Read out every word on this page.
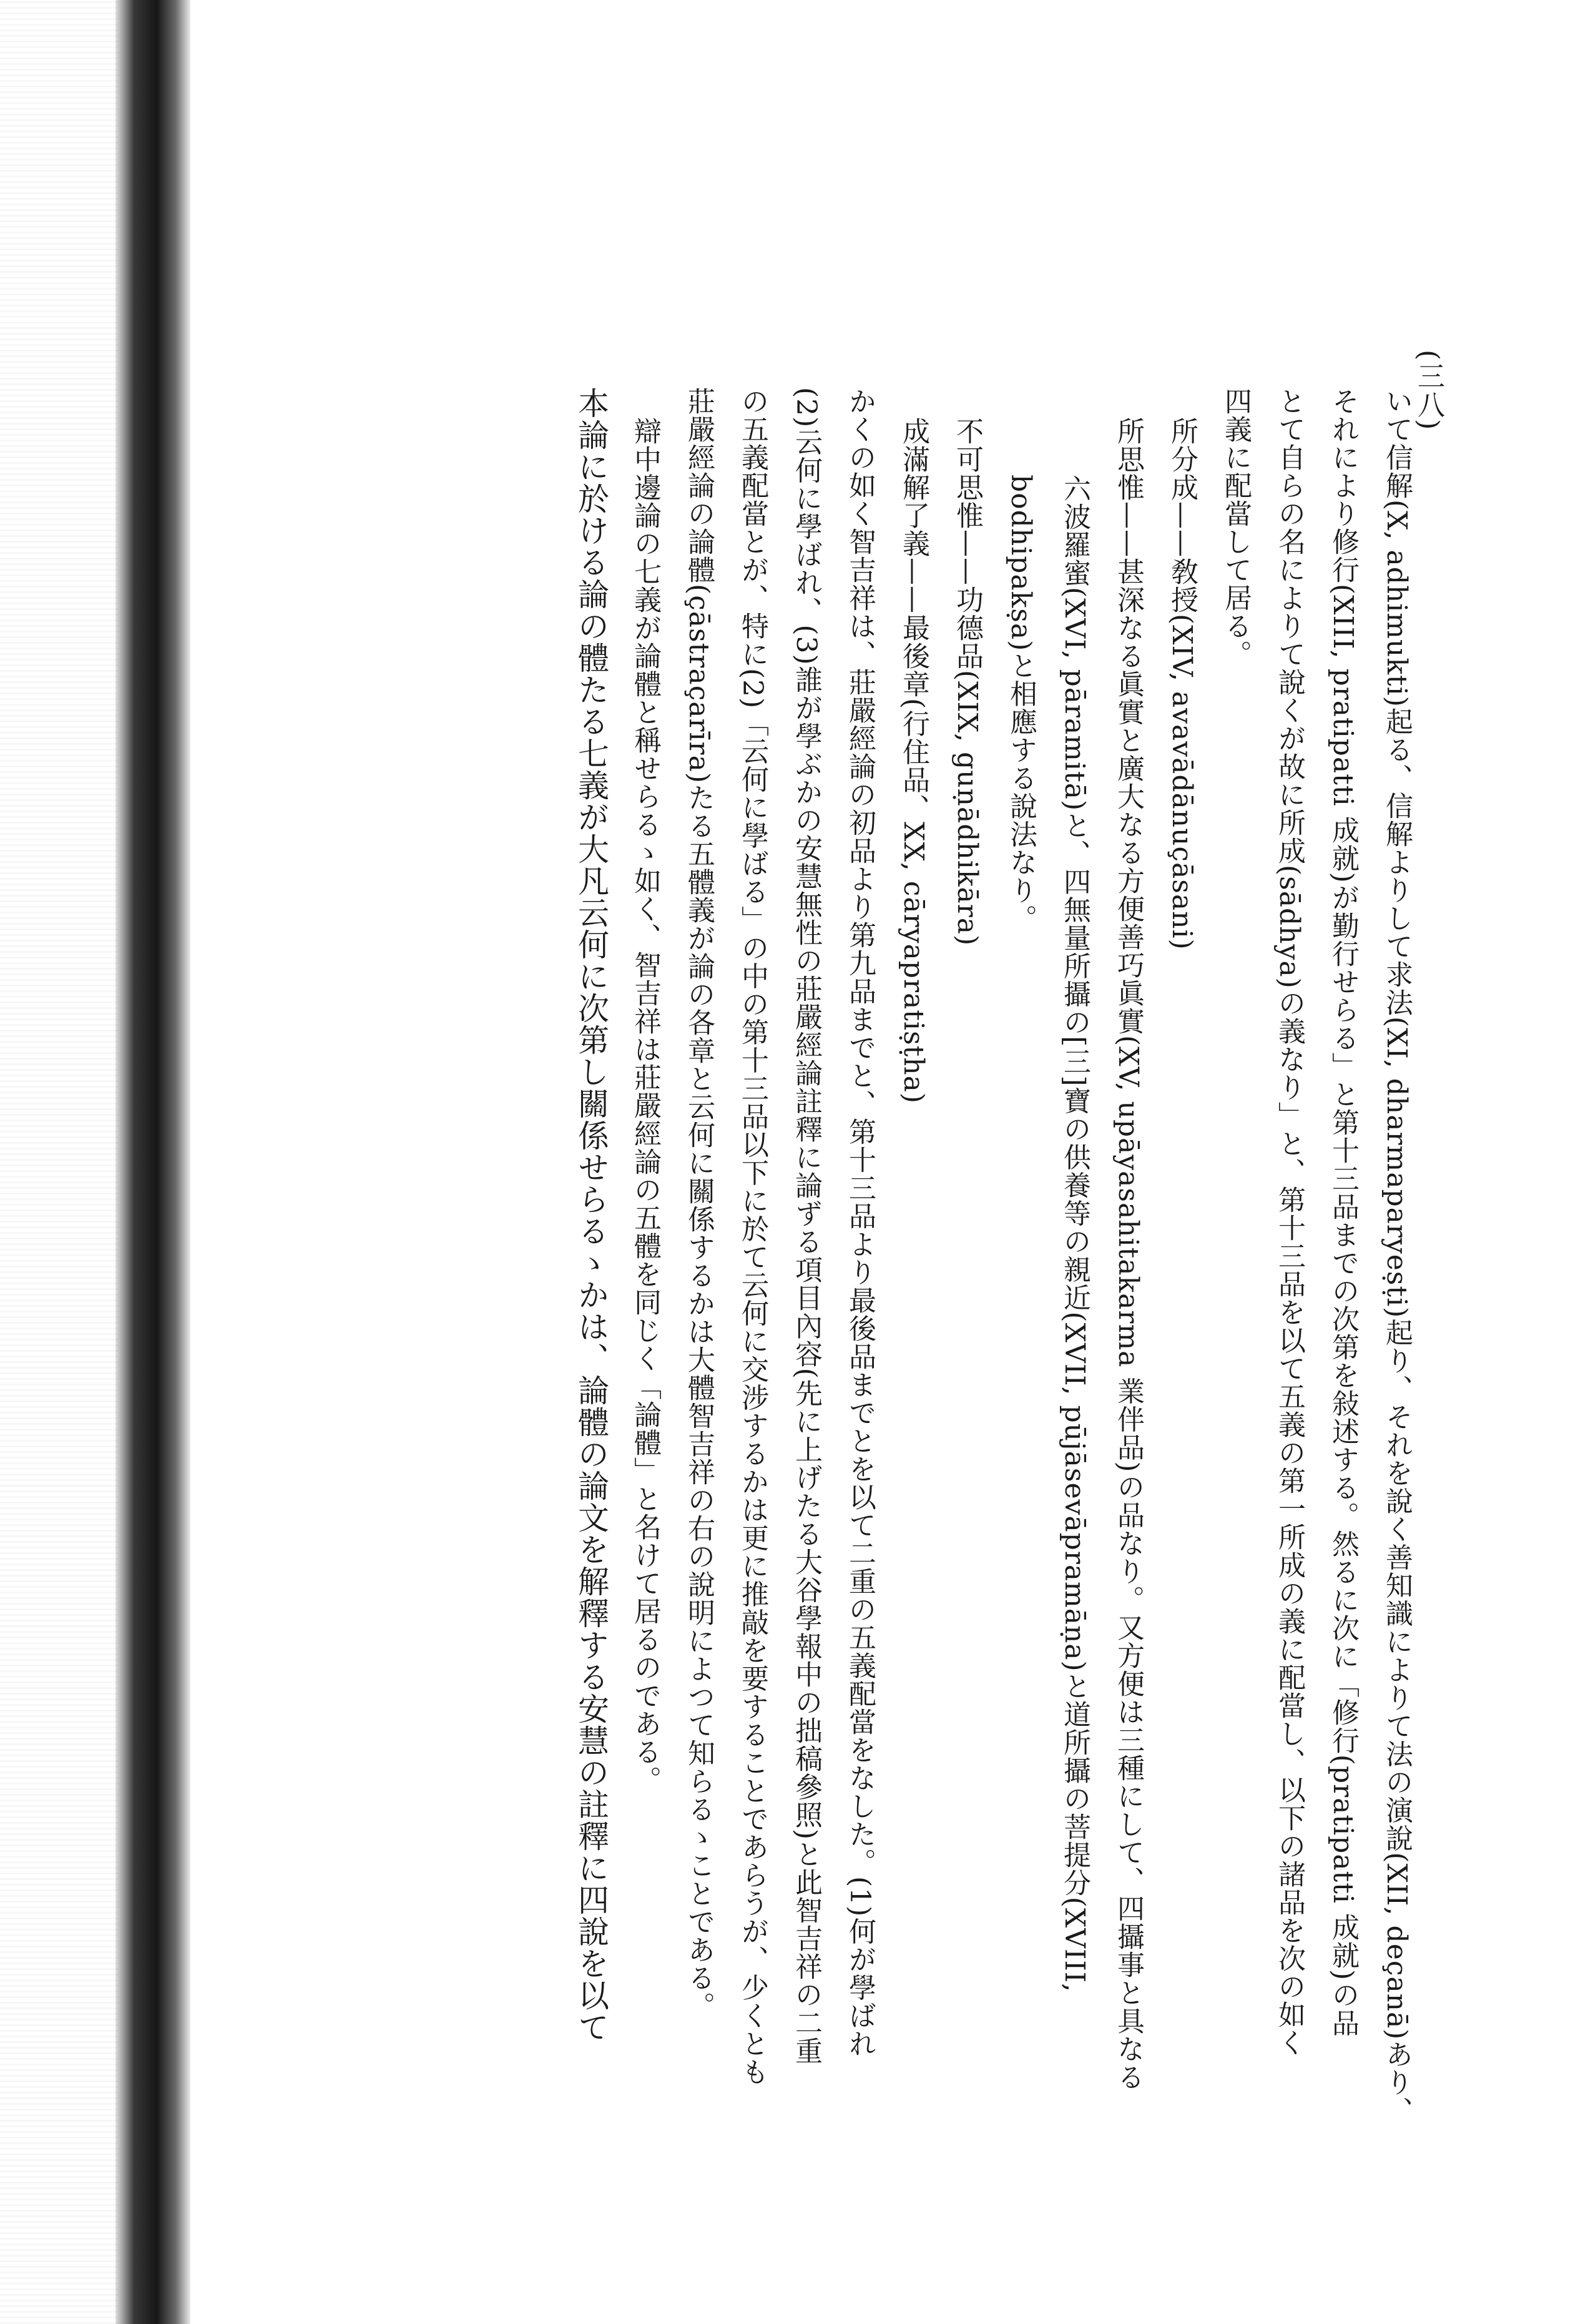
(三八)
いて信解(X, adhimukti)起る、信解よりして求法(XI, dharmaparyeṣṭi)起り、それを說く善知識によりて法の演說(XII, deçanā)あり、
それにより修行(XIII, pratipatti 成就)が勤行せらる」と第十三品までの次第を敍述する。然るに次に「修行(pratipatti 成就)の品
とて自らの名によりて說くが故に所成(sādhya)の義なり」と、第十三品を以て五義の第一所成の義に配當し、以下の諸品を次の如く
四義に配當して居る。
所分成——敎授(XIV, avavādānuçāsani)
所思惟——甚深なる眞實と廣大なる方便善巧眞實(XV, upāyasahitakarma 業伴品)の品なり。又方便は三種にして、四攝事と具なる
六波羅蜜(XVI, pāramitā)と、四無量所攝の[三]寶の供養等の親近(XVII, pūjāsevāpramāṇa)と道所攝の菩提分(XVIII,
bodhipakṣa)と相應する說法なり。
不可思惟——功德品(XIX, guṇādhikāra)
成滿解了義——最後章(行住品、XX, cāryapratiṣṭha)
かくの如く智吉祥は、莊嚴經論の初品より第九品までと、第十三品より最後品までとを以て二重の五義配當をなした。(1)何が學ばれ
(2)云何に學ばれ、(3)誰が學ぶかの安慧無性の莊嚴經論註釋に論ずる項目內容(先に上げたる大谷學報中の拙稿參照)と此智吉祥の二重
の五義配當とが、特に(2)「云何に學ばる」の中の第十三品以下に於て云何に交涉するかは更に推敲を要することであらうが、少くとも
莊嚴經論の論體(çāstraçarīra)たる五體義が論の各章と云何に關係するかは大體智吉祥の右の說明によつて知らるゝことである。
辯中邊論の七義が論體と稱せらるゝ如く、智吉祥は莊嚴經論の五體を同じく「論體」と名けて居るのである。
本論に於ける論の體たる七義が大凡云何に次第し關係せらるゝかは、論體の論文を解釋する安慧の註釋に四說を以て
